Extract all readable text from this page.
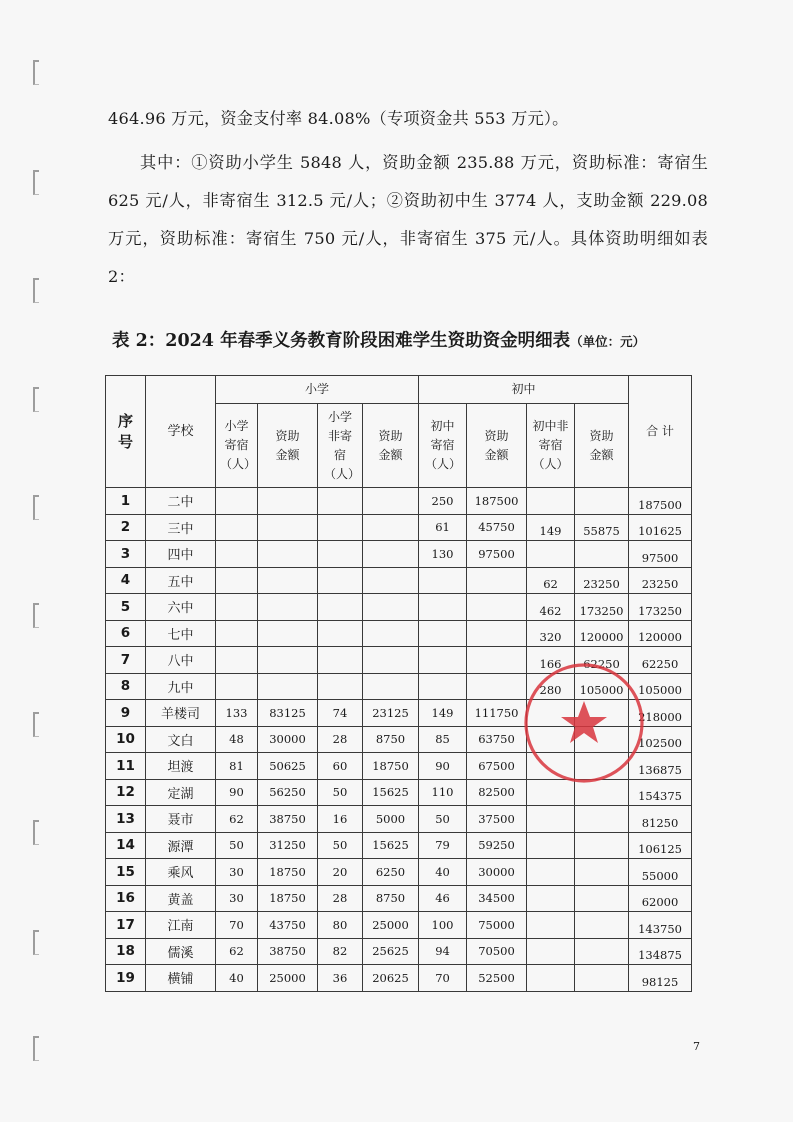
464.96 万元，资金支付率 84.08%（专项资金共 553 万元）。
其中：①资助小学生 5848 人，资助金额 235.88 万元，资助标准：寄宿生 625 元/人，非寄宿生 312.5 元/人；②资助初中生 3774 人，支助金额 229.08 万元，资助标准：寄宿生 750 元/人，非寄宿生 375 元/人。具体资助明细如表 2：
表 2：2024 年春季义务教育阶段困难学生资助资金明细表（单位：元）
序号	学校	小学				初中				合 计
		小学寄宿（人）	资助金额	小学非寄宿（人）	资助金额	初中寄宿（人）	资助金额	初中非寄宿（人）	资助金额	
1	二中					250	187500			187500
2	三中					61	45750	149	55875	101625
3	四中					130	97500			97500
4	五中							62	23250	23250
5	六中							462	173250	173250
6	七中							320	120000	120000
7	八中							166	62250	62250
8	九中							280	105000	105000
9	羊楼司	133	83125	74	23125	149	111750			218000
10	文白	48	30000	28	8750	85	63750			102500
11	坦渡	81	50625	60	18750	90	67500			136875
12	定湖	90	56250	50	15625	110	82500			154375
13	聂市	62	38750	16	5000	50	37500			81250
14	源潭	50	31250	50	15625	79	59250			106125
15	乘风	30	18750	20	6250	40	30000			55000
16	黄盖	30	18750	28	8750	46	34500			62000
17	江南	70	43750	80	25000	100	75000			143750
18	儒溪	62	38750	82	25625	94	70500			134875
19	横铺	40	25000	36	20625	70	52500			98125
7
